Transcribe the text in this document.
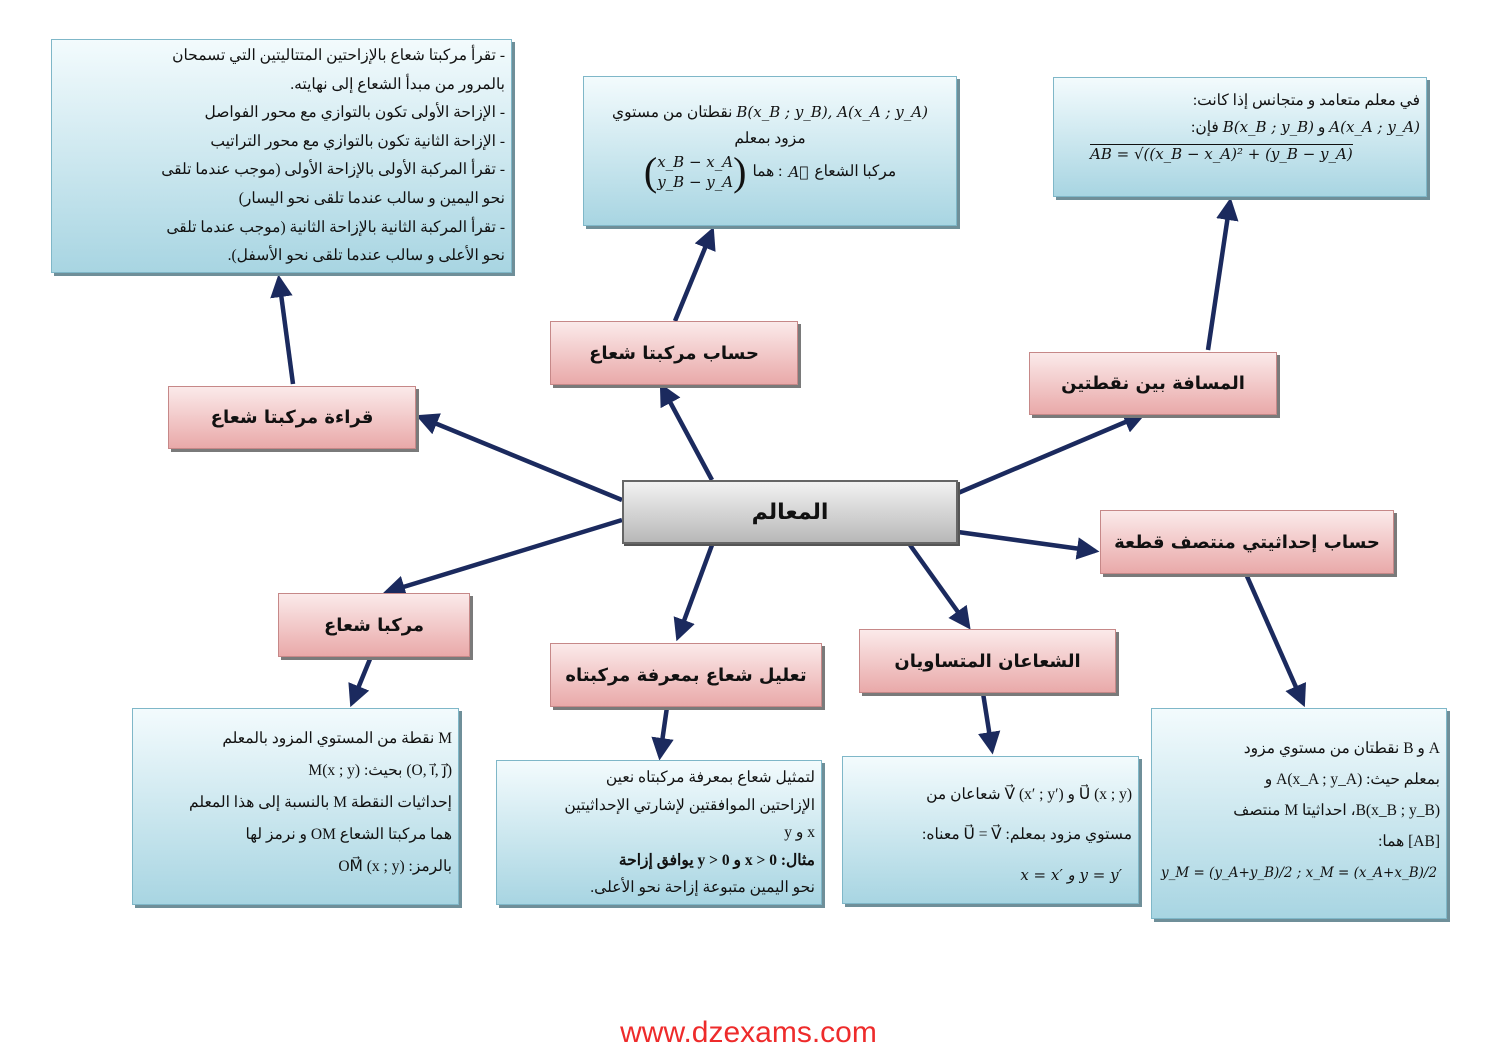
المعالم
قراءة مركبتا شعاع
حساب مركبتا شعاع
المسافة بين نقطتين
حساب إحداثيتي منتصف قطعة
الشعاعان المتساويان
تعليل شعاع بمعرفة مركبتاه
مركبا شعاع
- تقرأ مركبتا شعاع بالإزاحتين المتتاليتين التي تسمحان
بالمرور من مبدأ الشعاع إلى نهايته.
- الإزاحة الأولى تكون بالتوازي مع محور الفواصل
- الإزاحة الثانية تكون بالتوازي مع محور التراتيب
- تقرأ المركبة الأولى بالإزاحة الأولى (موجب عندما تلقى
نحو اليمين و سالب عندما تلقى نحو اليسار)
- تقرأ المركبة الثانية بالإزاحة الثانية (موجب عندما تلقى
نحو الأعلى و سالب عندما تلقى نحو الأسفل).
B(x_B ; y_B), A(x_A ; y_A) نقطتان من مستوي
مزود بمعلم
مركبا الشعاع
A⃗
: هما
( x_B − x_A
y_B − y_A )
في معلم متعامد و متجانس إذا كانت:
A(x_A ; y_A) و B(x_B ; y_B) فإن:
AB = √((x_B − x_A)² + (y_B − y_A)
A و B نقطتان من مستوي مزود
بمعلم حيث: A(x_A ; y_A) و
B(x_B ; y_B)، احداثيتا M منتصف
[AB] هما:
y_M = (y_A+y_B)/2 ; x_M = (x_A+x_B)/2
U⃗ (x ; y) و V⃗ (x′ ; y′) شعاعان من
مستوي مزود بمعلم: U⃗ = V⃗ معناه:
x = x′ و y = y′
لتمثيل شعاع بمعرفة مركبتاه نعين
الإزاحتين الموافقتين لإشارتي الإحداثيتين
x و y
مثال: x > 0 و y > 0 يوافق إزاحة
نحو اليمين متبوعة إزاحة نحو الأعلى.
M نقطة من المستوي المزود بالمعلم
(O, i⃗, j⃗) بحيث: M(x ; y)
إحداثيات النقطة M بالنسبة إلى هذا المعلم
هما مركبتا الشعاع OM و نرمز لها
بالرمز: OM⃗ (x ; y)
www.dzexams.com
